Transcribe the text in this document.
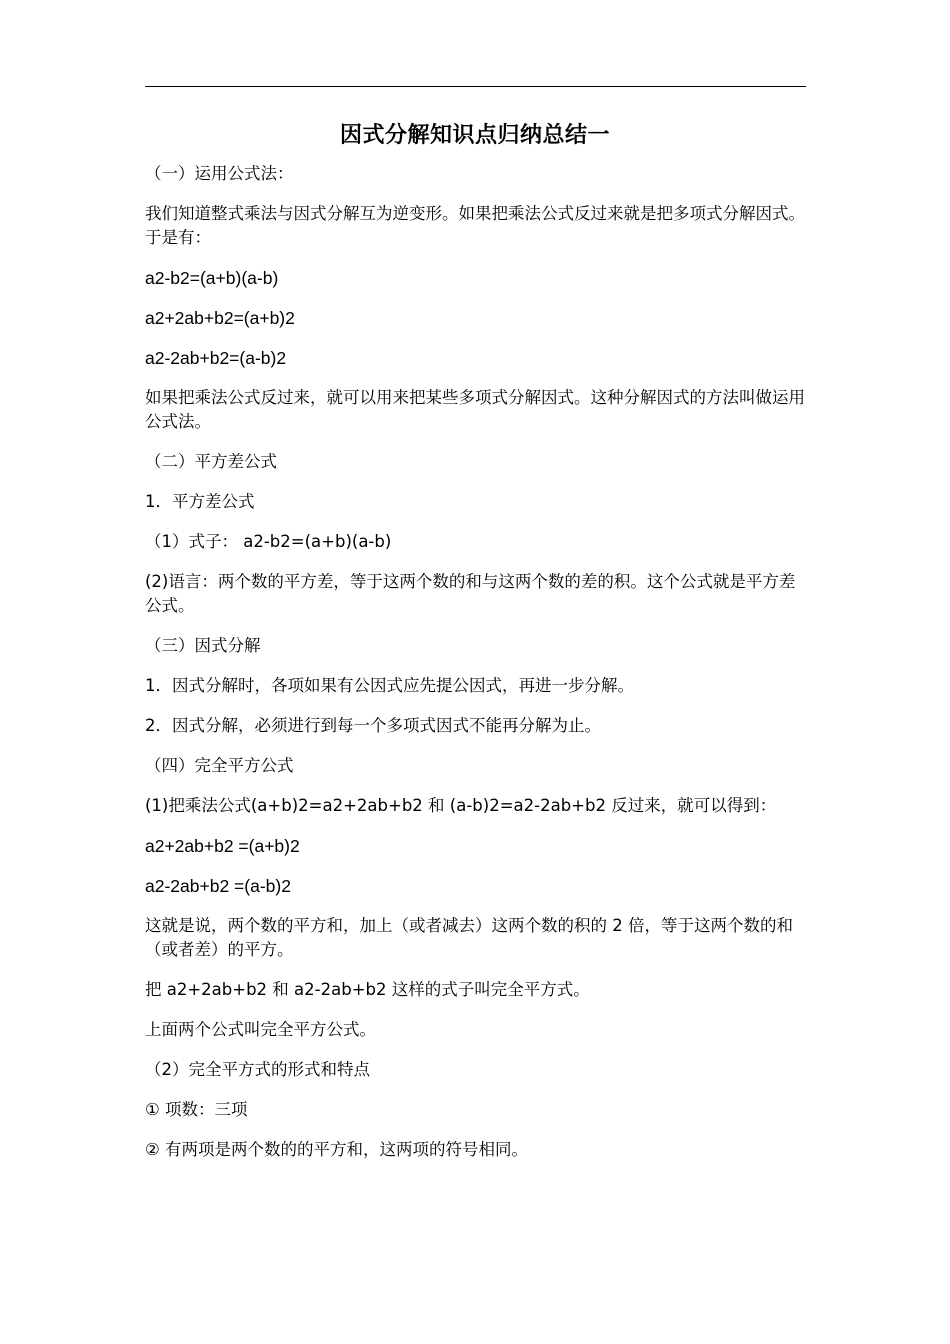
因式分解知识点归纳总结一

（一）运用公式法：

我们知道整式乘法与因式分解互为逆变形。如果把乘法公式反过来就是把多项式分解因式。于是有：

a2-b2=(a+b)(a-b)

a2+2ab+b2=(a+b)2

a2-2ab+b2=(a-b)2

如果把乘法公式反过来，就可以用来把某些多项式分解因式。这种分解因式的方法叫做运用公式法。

（二）平方差公式

1．平方差公式

（1）式子： a2-b2=(a+b)(a-b)

(2)语言：两个数的平方差，等于这两个数的和与这两个数的差的积。这个公式就是平方差公式。

（三）因式分解

1．因式分解时，各项如果有公因式应先提公因式，再进一步分解。

2．因式分解，必须进行到每一个多项式因式不能再分解为止。

（四）完全平方公式

(1)把乘法公式(a+b)2=a2+2ab+b2 和 (a-b)2=a2-2ab+b2 反过来，就可以得到：

a2+2ab+b2 =(a+b)2

a2-2ab+b2 =(a-b)2

这就是说，两个数的平方和，加上（或者减去）这两个数的积的 2 倍，等于这两个数的和（或者差）的平方。

把 a2+2ab+b2 和 a2-2ab+b2 这样的式子叫完全平方式。

上面两个公式叫完全平方公式。

（2）完全平方式的形式和特点

① 项数：三项

② 有两项是两个数的的平方和，这两项的符号相同。
